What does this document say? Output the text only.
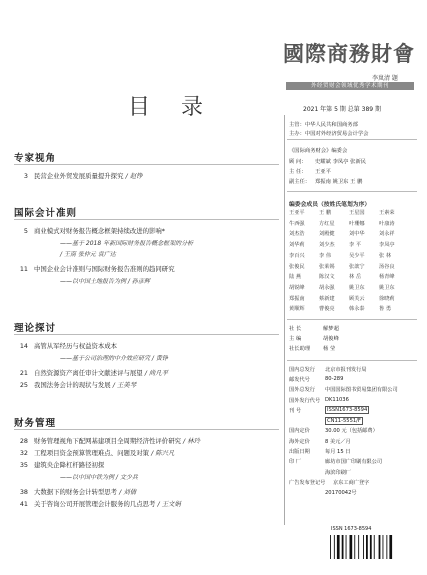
國際商務財會
李岚清 题
外经贸财会领域优秀学术期刊
2021 年第 5 期 总第 389 期
目 录
主管：中华人民共和国商务部
主办：中国对外经济贸易会计学会
《国际商务财会》编委会
顾 问： 史耀斌 李凤亭 张新民
主 任： 王亚平
副主任： 郑振南 姚卫东 王 鹏
编委会成员（按姓氏笔划为序）
王亚平	王 鹏	王星国	王素荣
牛西强	方红星	叶珊娜	叶康涛
刘杰浩	刘殿健	刘中华	刘永祥
刘华莉	刘少杰	李 平	李凤亭
李百兴	李 伟	吴少平	张 林
张俊民	张莱锡	张歆宁	汤谷良
陆 燕	陈汉文	林 岳	杨青峰
胡锐峰	胡永强	姚卫东	姚卫东
郑振南	蔡新建	顾芙云	徐晓莉
黄顺辉	曹俊亮	韩永泰	鲁 勇
社 长	解梦超
主 编	胡俊峰
社长助理 杨 莹
国内总发行	北京市报刊发行局
邮发代号	80-289
国外总发行	中国国际图书贸易集团有限公司
国外发行代号 DK11036
刊 号	ISSN1673-8594
CN11-5551/F
国内定价	30.00 元（包括邮费）
海外定价	8 美元／月
出版日期	每月 15 日
印 厂	廊坊市国广印刷有限公司
海滨印刷厂
广告发布登记号	京东工商广登字
20170042号
ISSN 1673-8594
专家视角
3 民营企业外贸发展质量提升探究 / 赵铮
国际会计准则
5 商业模式对财务报告概念框架持续改进的影响*
——基于 2018 年新国际财务报告概念框架的分析
/ 王南 张仲元 袁广达
11 中国企业会计准则与国际财务报告准则的趋同研究
——以中国土地报告为例 / 孙彦辉
理论探讨
14 高管从军经历与权益资本成本
——基于公司治理的中介效应研究 / 黄铮
21 自然资源资产离任审计文献述评与展望 / 尚凡平
25 我国法务会计的现状与发展 / 王美琴
财务管理
28 财务管理视角下配网基建项目全周期经济性评价研究 / 林玲
32 工程项目资金预算管理难点、问题及对策 / 陈兴凡
35 建筑央企降杠杆路径初探
——以中国中铁为例 / 文少兵
38 大数据下的财务会计转型思考 / 刘倩
41 关于咨询公司开展管理会计服务的几点思考 / 王文娟
